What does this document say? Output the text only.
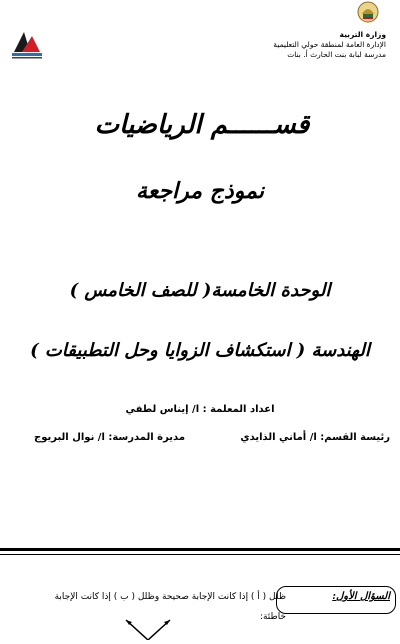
وزارة التربية
الإدارة العامة لمنطقة حولي التعليمية
مدرسة لبابة بنت الحارث أ. بنات
قســــــم الرياضيات
نموذج مراجعة
الوحدة الخامسة( للصف الخامس )
الهندسة ( استكشاف الزوايا وحل التطبيقات )
اعداد المعلمة : ا/ إيناس لطفي
رئيسة القسم: ا/ أماني الذايدي
مديرة المدرسة: ا/ نوال البريوج
السؤال الأول:
ظلل ( أ ) إذا كانت الإجابة صحيحة وظلل ( ب ) إذا كانت الإجابة
خاطئة:
